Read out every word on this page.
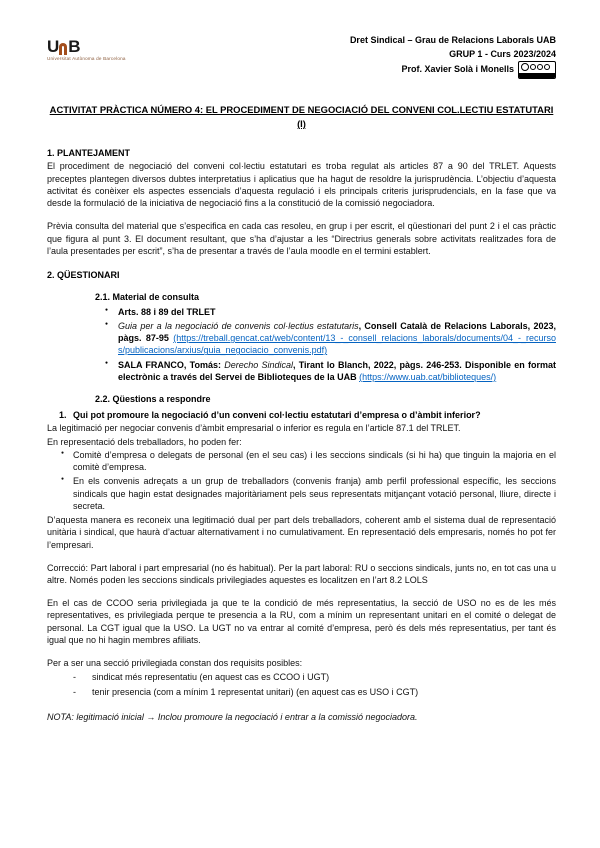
U B
Universitat Autònoma de Barcelona
Dret Sindical – Grau de Relacions Laborals UAB
GRUP 1 - Curs 2023/2024
Prof. Xavier Solà i Monells
ACTIVITAT PRÀCTICA NÚMERO 4: EL PROCEDIMENT DE NEGOCIACIÓ DEL CONVENI COL.LECTIU ESTATUTARI
(I)
1. PLANTEJAMENT

El procediment de negociació del conveni col·lectiu estatutari es troba regulat als articles 87 a 90 del TRLET. Aquests preceptes plantegen diversos dubtes interpretatius i aplicatius que ha hagut de resoldre la jurisprudència. L’objectiu d’aquesta activitat és conèixer els aspectes essencials d’aquesta regulació i els principals criteris jurisprudencials, en la fase que va desde la formulació de la iniciativa de negociació fins a la constitució de la comissió negociadora.

Prèvia consulta del material que s’especifica en cada cas resoleu, en grup i per escrit, el qüestionari del punt 2 i el cas pràctic que figura al punt 3. El document resultant, que s’ha d’ajustar a les “Directrius generals sobre activitats realitzades fora de l’aula presentades per escrit”, s’ha de presentar a través de l’aula moodle en el termini establert.

2. QÜESTIONARI
2.1. Material de consulta
● Arts. 88 i 89 del TRLET
● Guia per a la negociació de convenis col·lectius estatutaris, Consell Català de Relacions Laborals, 2023, pàgs. 87-95 (https://treball.gencat.cat/web/content/13_-_consell_relacions_laborals/documents/04_-_recursos/publicacions/arxius/guia_negociacio_convenis.pdf)
● SALA FRANCO, Tomás: Derecho Sindical, Tirant lo Blanch, 2022, pàgs. 246-253. Disponible en format electrònic a través del Servei de Biblioteques de la UAB (https://www.uab.cat/biblioteques/)
2.2. Qüestions a respondre
1. Qui pot promoure la negociació d’un conveni col·lectiu estatutari d’empresa o d’àmbit inferior?

La legitimació per negociar convenis d’àmbit empresarial o inferior es regula en l’article 87.1 del TRLET.

En representació dels treballadors, ho poden fer:

● Comitè d’empresa o delegats de personal (en el seu cas) i les seccions sindicals (si hi ha) que tinguin la majoria en el comitè d’empresa.
● En els convenis adreçats a un grup de treballadors (convenis franja) amb perfil professional específic, les seccions sindicals que hagin estat designades majoritàriament pels seus representats mitjançant votació personal, lliure, directe i secreta.

D’aquesta manera es reconeix una legitimació dual per part dels treballadors, coherent amb el sistema dual de representació unitària i sindical, que haurà d’actuar alternativament i no cumulativament. En representació dels empresaris, només ho pot fer l’empresari.

Correcció: Part laboral i part empresarial (no és habitual). Per la part laboral: RU o seccions sindicals, junts no, en tot cas una u altre. Només poden les seccions sindicals privilegiades aquestes es localitzen en l’art 8.2 LOLS

En el cas de CCOO seria privilegiada ja que te la condició de més representatius, la secció de USO no es de les més representatives, es privilegiada perque te presencia a la RU, com a mínim un representant unitari en el comité o delegat de personal. La CGT igual que la USO. La UGT no va entrar al comité d’empresa, però és dels més representatius, per tant és igual que no hi hagin membres afiliats.

Per a ser una secció privilegiada constan dos requisits posibles:

- sindicat més representatiu (en aquest cas es CCOO i UGT)
- tenir presencia (com a mínim 1 representat unitari) (en aquest cas es USO i CGT)

NOTA: legitimació inicial → Inclou promoure la negociació i entrar a la comissió negociadora.
